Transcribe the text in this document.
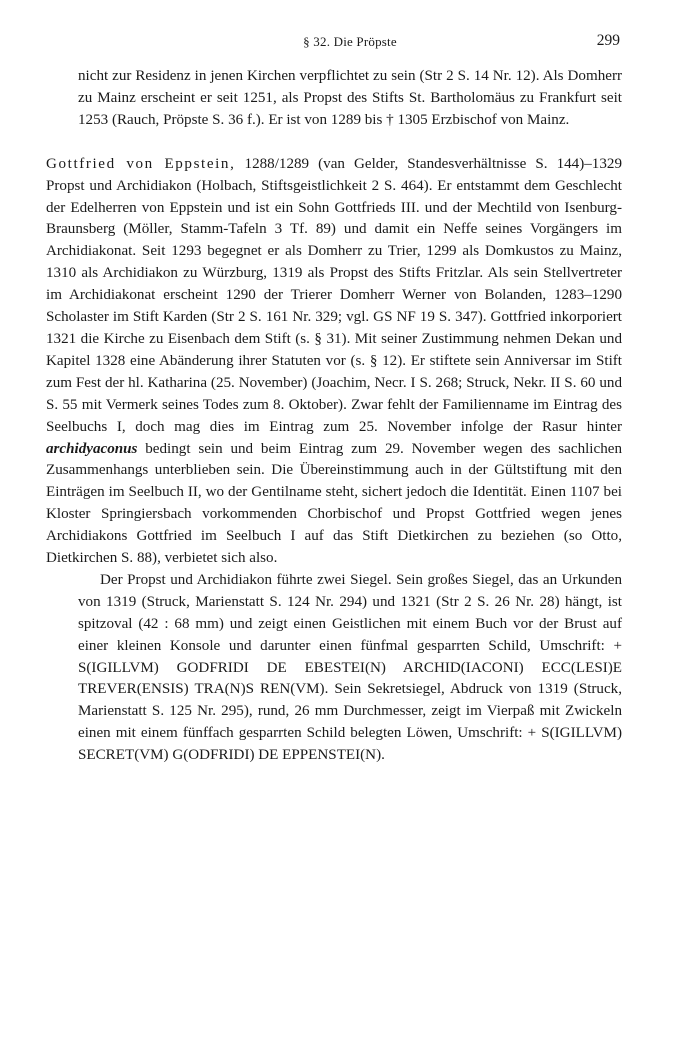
§ 32. Die Pröpste	299

nicht zur Residenz in jenen Kirchen verpflichtet zu sein (Str 2 S. 14 Nr. 12). Als Domherr zu Mainz erscheint er seit 1251, als Propst des Stifts St. Bartholomäus zu Frankfurt seit 1253 (Rauch, Pröpste S. 36 f.). Er ist von 1289 bis † 1305 Erzbischof von Mainz.

Gottfried von Eppstein, 1288/1289 (van Gelder, Standesverhältnisse S. 144)–1329 Propst und Archidiakon (Holbach, Stiftsgeistlichkeit 2 S. 464). Er entstammt dem Geschlecht der Edelherren von Eppstein und ist ein Sohn Gottfrieds III. und der Mechtild von Isenburg-Braunsberg (Möller, Stamm-Tafeln 3 Tf. 89) und damit ein Neffe seines Vorgängers im Archidiakonat. Seit 1293 begegnet er als Domherr zu Trier, 1299 als Domkustos zu Mainz, 1310 als Archidiakon zu Würzburg, 1319 als Propst des Stifts Fritzlar. Als sein Stellvertreter im Archidiakonat erscheint 1290 der Trierer Domherr Werner von Bolanden, 1283–1290 Scholaster im Stift Karden (Str 2 S. 161 Nr. 329; vgl. GS NF 19 S. 347). Gottfried inkorporiert 1321 die Kirche zu Eisenbach dem Stift (s. § 31). Mit seiner Zustimmung nehmen Dekan und Kapitel 1328 eine Abänderung ihrer Statuten vor (s. § 12). Er stiftete sein Anniversar im Stift zum Fest der hl. Katharina (25. November) (Joachim, Necr. I S. 268; Struck, Nekr. II S. 60 und S. 55 mit Vermerk seines Todes zum 8. Oktober). Zwar fehlt der Familienname im Eintrag des Seelbuchs I, doch mag dies im Eintrag zum 25. November infolge der Rasur hinter archidyaconus bedingt sein und beim Eintrag zum 29. November wegen des sachlichen Zusammenhangs unterblieben sein. Die Übereinstimmung auch in der Gültstiftung mit den Einträgen im Seelbuch II, wo der Gentilname steht, sichert jedoch die Identität. Einen 1107 bei Kloster Springiersbach vorkommenden Chorbischof und Propst Gottfried wegen jenes Archidiakons Gottfried im Seelbuch I auf das Stift Dietkirchen zu beziehen (so Otto, Dietkirchen S. 88), verbietet sich also.

Der Propst und Archidiakon führte zwei Siegel. Sein großes Siegel, das an Urkunden von 1319 (Struck, Marienstatt S. 124 Nr. 294) und 1321 (Str 2 S. 26 Nr. 28) hängt, ist spitzoval (42 : 68 mm) und zeigt einen Geistlichen mit einem Buch vor der Brust auf einer kleinen Konsole und darunter einen fünfmal gesparrten Schild, Umschrift: + S(IGILLVM) GODFRIDI DE EBESTEI(N) ARCHID(IACONI) ECC(LESI)E TREVER(ENSIS) TRA(N)S REN(VM). Sein Sekretsiegel, Abdruck von 1319 (Struck, Marienstatt S. 125 Nr. 295), rund, 26 mm Durchmesser, zeigt im Vierpaß mit Zwickeln einen mit einem fünffach gesparrten Schild belegten Löwen, Umschrift: + S(IGILLVM) SECRET(VM) G(ODFRIDI) DE EPPENSTEI(N).
